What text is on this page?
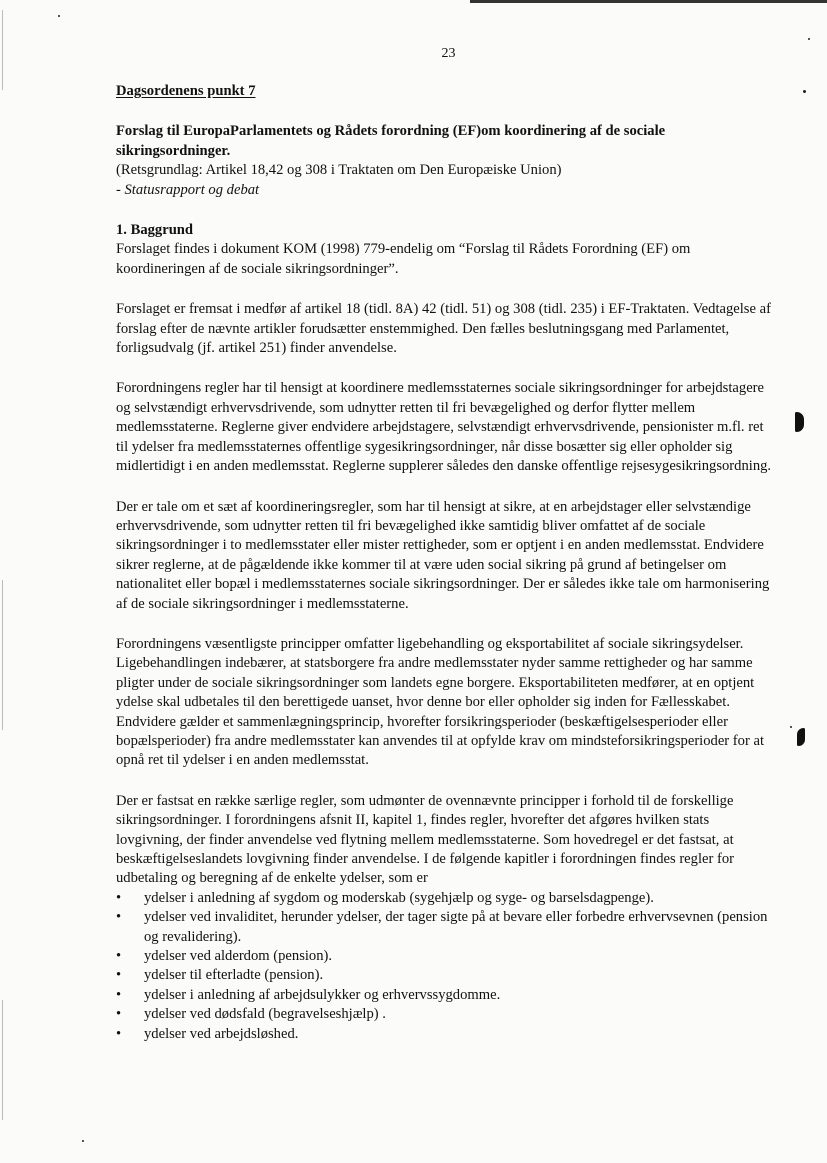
23

Dagsordenens punkt 7

Forslag til EuropaParlamentets og Rådets forordning (EF)om koordinering af de sociale sikringsordninger.

(Retsgrundlag: Artikel 18,42 og 308 i Traktaten om Den Europæiske Union)

- Statusrapport og debat

1. Baggrund

Forslaget findes i dokument KOM (1998) 779-endelig om “Forslag til Rådets Forordning (EF) om koordineringen af de sociale sikringsordninger”.

Forslaget er fremsat i medfør af artikel 18 (tidl. 8A) 42 (tidl. 51) og 308 (tidl. 235) i EF-Traktaten. Vedtagelse af forslag efter de nævnte artikler forudsætter enstemmighed. Den fælles beslutningsgang med Parlamentet, forligsudvalg (jf. artikel 251) finder anvendelse.

Forordningens regler har til hensigt at koordinere medlemsstaternes sociale sikringsordninger for arbejdstagere og selvstændigt erhvervsdrivende, som udnytter retten til fri bevægelighed og derfor flytter mellem medlemsstaterne. Reglerne giver endvidere arbejdstagere, selvstændigt erhvervsdrivende, pensionister m.fl. ret til ydelser fra medlemsstaternes offentlige sygesikringsordninger, når disse bosætter sig eller opholder sig midlertidigt i en anden medlemsstat. Reglerne supplerer således den danske offentlige rejsesygesikringsordning.

Der er tale om et sæt af koordineringsregler, som har til hensigt at sikre, at en arbejdstager eller selvstændige erhvervsdrivende, som udnytter retten til fri bevægelighed ikke samtidig bliver omfattet af de sociale sikringsordninger i to medlemsstater eller mister rettigheder, som er optjent i en anden medlemsstat. Endvidere sikrer reglerne, at de pågældende ikke kommer til at være uden social sikring på grund af betingelser om nationalitet eller bopæl i medlemsstaternes sociale sikringsordninger. Der er således ikke tale om harmonisering af de sociale sikringsordninger i medlemsstaterne.

Forordningens væsentligste principper omfatter ligebehandling og eksportabilitet af sociale sikringsydelser. Ligebehandlingen indebærer, at statsborgere fra andre medlemsstater nyder samme rettigheder og har samme pligter under de sociale sikringsordninger som landets egne borgere. Eksportabiliteten medfører, at en optjent ydelse skal udbetales til den berettigede uanset, hvor denne bor eller opholder sig inden for Fællesskabet. Endvidere gælder et sammenlægningsprincip, hvorefter forsikringsperioder (beskæftigelsesperioder eller bopælsperioder) fra andre medlemsstater kan anvendes til at opfylde krav om mindsteforsikringsperioder for at opnå ret til ydelser i en anden medlemsstat.

Der er fastsat en række særlige regler, som udmønter de ovennævnte principper i forhold til de forskellige sikringsordninger. I forordningens afsnit II, kapitel 1, findes regler, hvorefter det afgøres hvilken stats lovgivning, der finder anvendelse ved flytning mellem medlemsstaterne. Som hovedregel er det fastsat, at beskæftigelseslandets lovgivning finder anvendelse. I de følgende kapitler i forordningen findes regler for udbetaling og beregning af de enkelte ydelser, som er

• ydelser i anledning af sygdom og moderskab (sygehjælp og syge- og barselsdagpenge).
• ydelser ved invaliditet, herunder ydelser, der tager sigte på at bevare eller forbedre erhvervsevnen (pension og revalidering).
• ydelser ved alderdom (pension).
• ydelser til efterladte (pension).
• ydelser i anledning af arbejdsulykker og erhvervssygdomme.
• ydelser ved dødsfald (begravelseshjælp) .
• ydelser ved arbejdsløshed.
